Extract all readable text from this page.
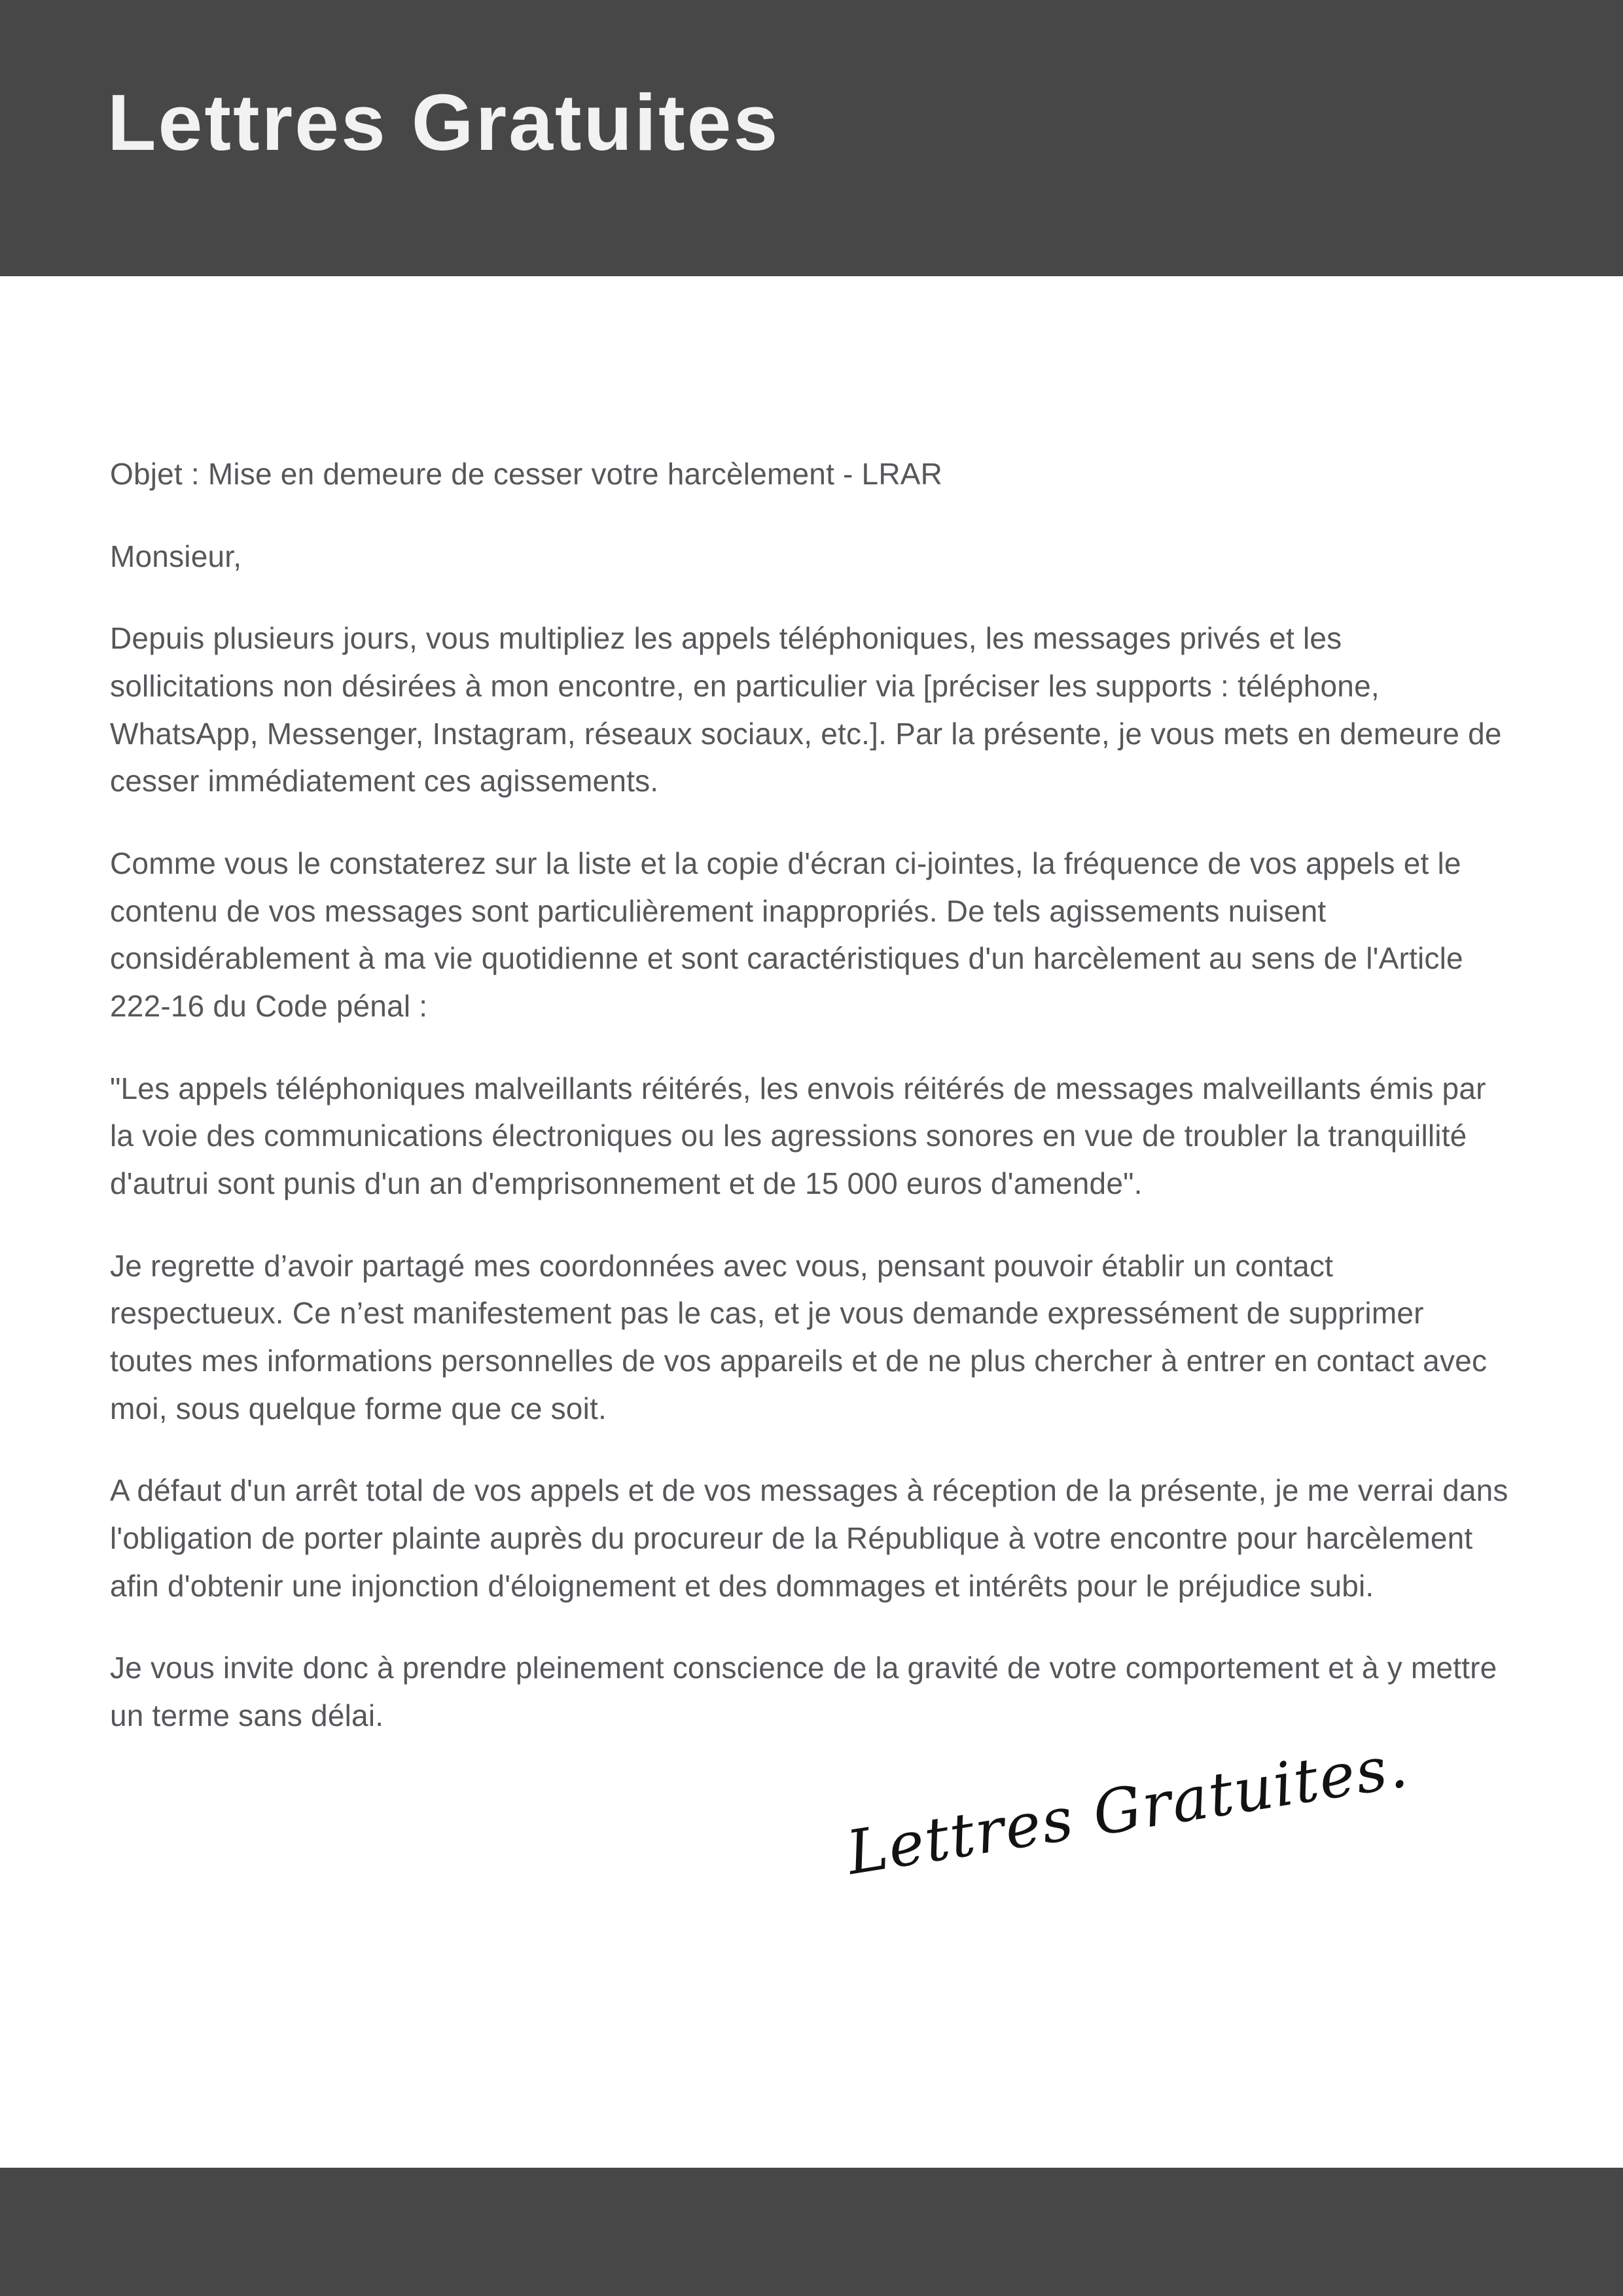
Lettres Gratuites

Objet : Mise en demeure de cesser votre harcèlement - LRAR

Monsieur,

Depuis plusieurs jours, vous multipliez les appels téléphoniques, les messages privés et les sollicitations non désirées à mon encontre, en particulier via [préciser les supports : téléphone, WhatsApp, Messenger, Instagram, réseaux sociaux, etc.]. Par la présente, je vous mets en demeure de cesser immédiatement ces agissements.

Comme vous le constaterez sur la liste et la copie d'écran ci-jointes, la fréquence de vos appels et le contenu de vos messages sont particulièrement inappropriés. De tels agissements nuisent considérablement à ma vie quotidienne et sont caractéristiques d'un harcèlement au sens de l'Article 222-16 du Code pénal :

"Les appels téléphoniques malveillants réitérés, les envois réitérés de messages malveillants émis par la voie des communications électroniques ou les agressions sonores en vue de troubler la tranquillité d'autrui sont punis d'un an d'emprisonnement et de 15 000 euros d'amende".

Je regrette d’avoir partagé mes coordonnées avec vous, pensant pouvoir établir un contact respectueux. Ce n’est manifestement pas le cas, et je vous demande expressément de supprimer toutes mes informations personnelles de vos appareils et de ne plus chercher à entrer en contact avec moi, sous quelque forme que ce soit.

A défaut d'un arrêt total de vos appels et de vos messages à réception de la présente, je me verrai dans l'obligation de porter plainte auprès du procureur de la République à votre encontre pour harcèlement afin d'obtenir une injonction d'éloignement et des dommages et intérêts pour le préjudice subi.

Je vous invite donc à prendre pleinement conscience de la gravité de votre comportement et à y mettre un terme sans délai.

Lettres Gratuites.
